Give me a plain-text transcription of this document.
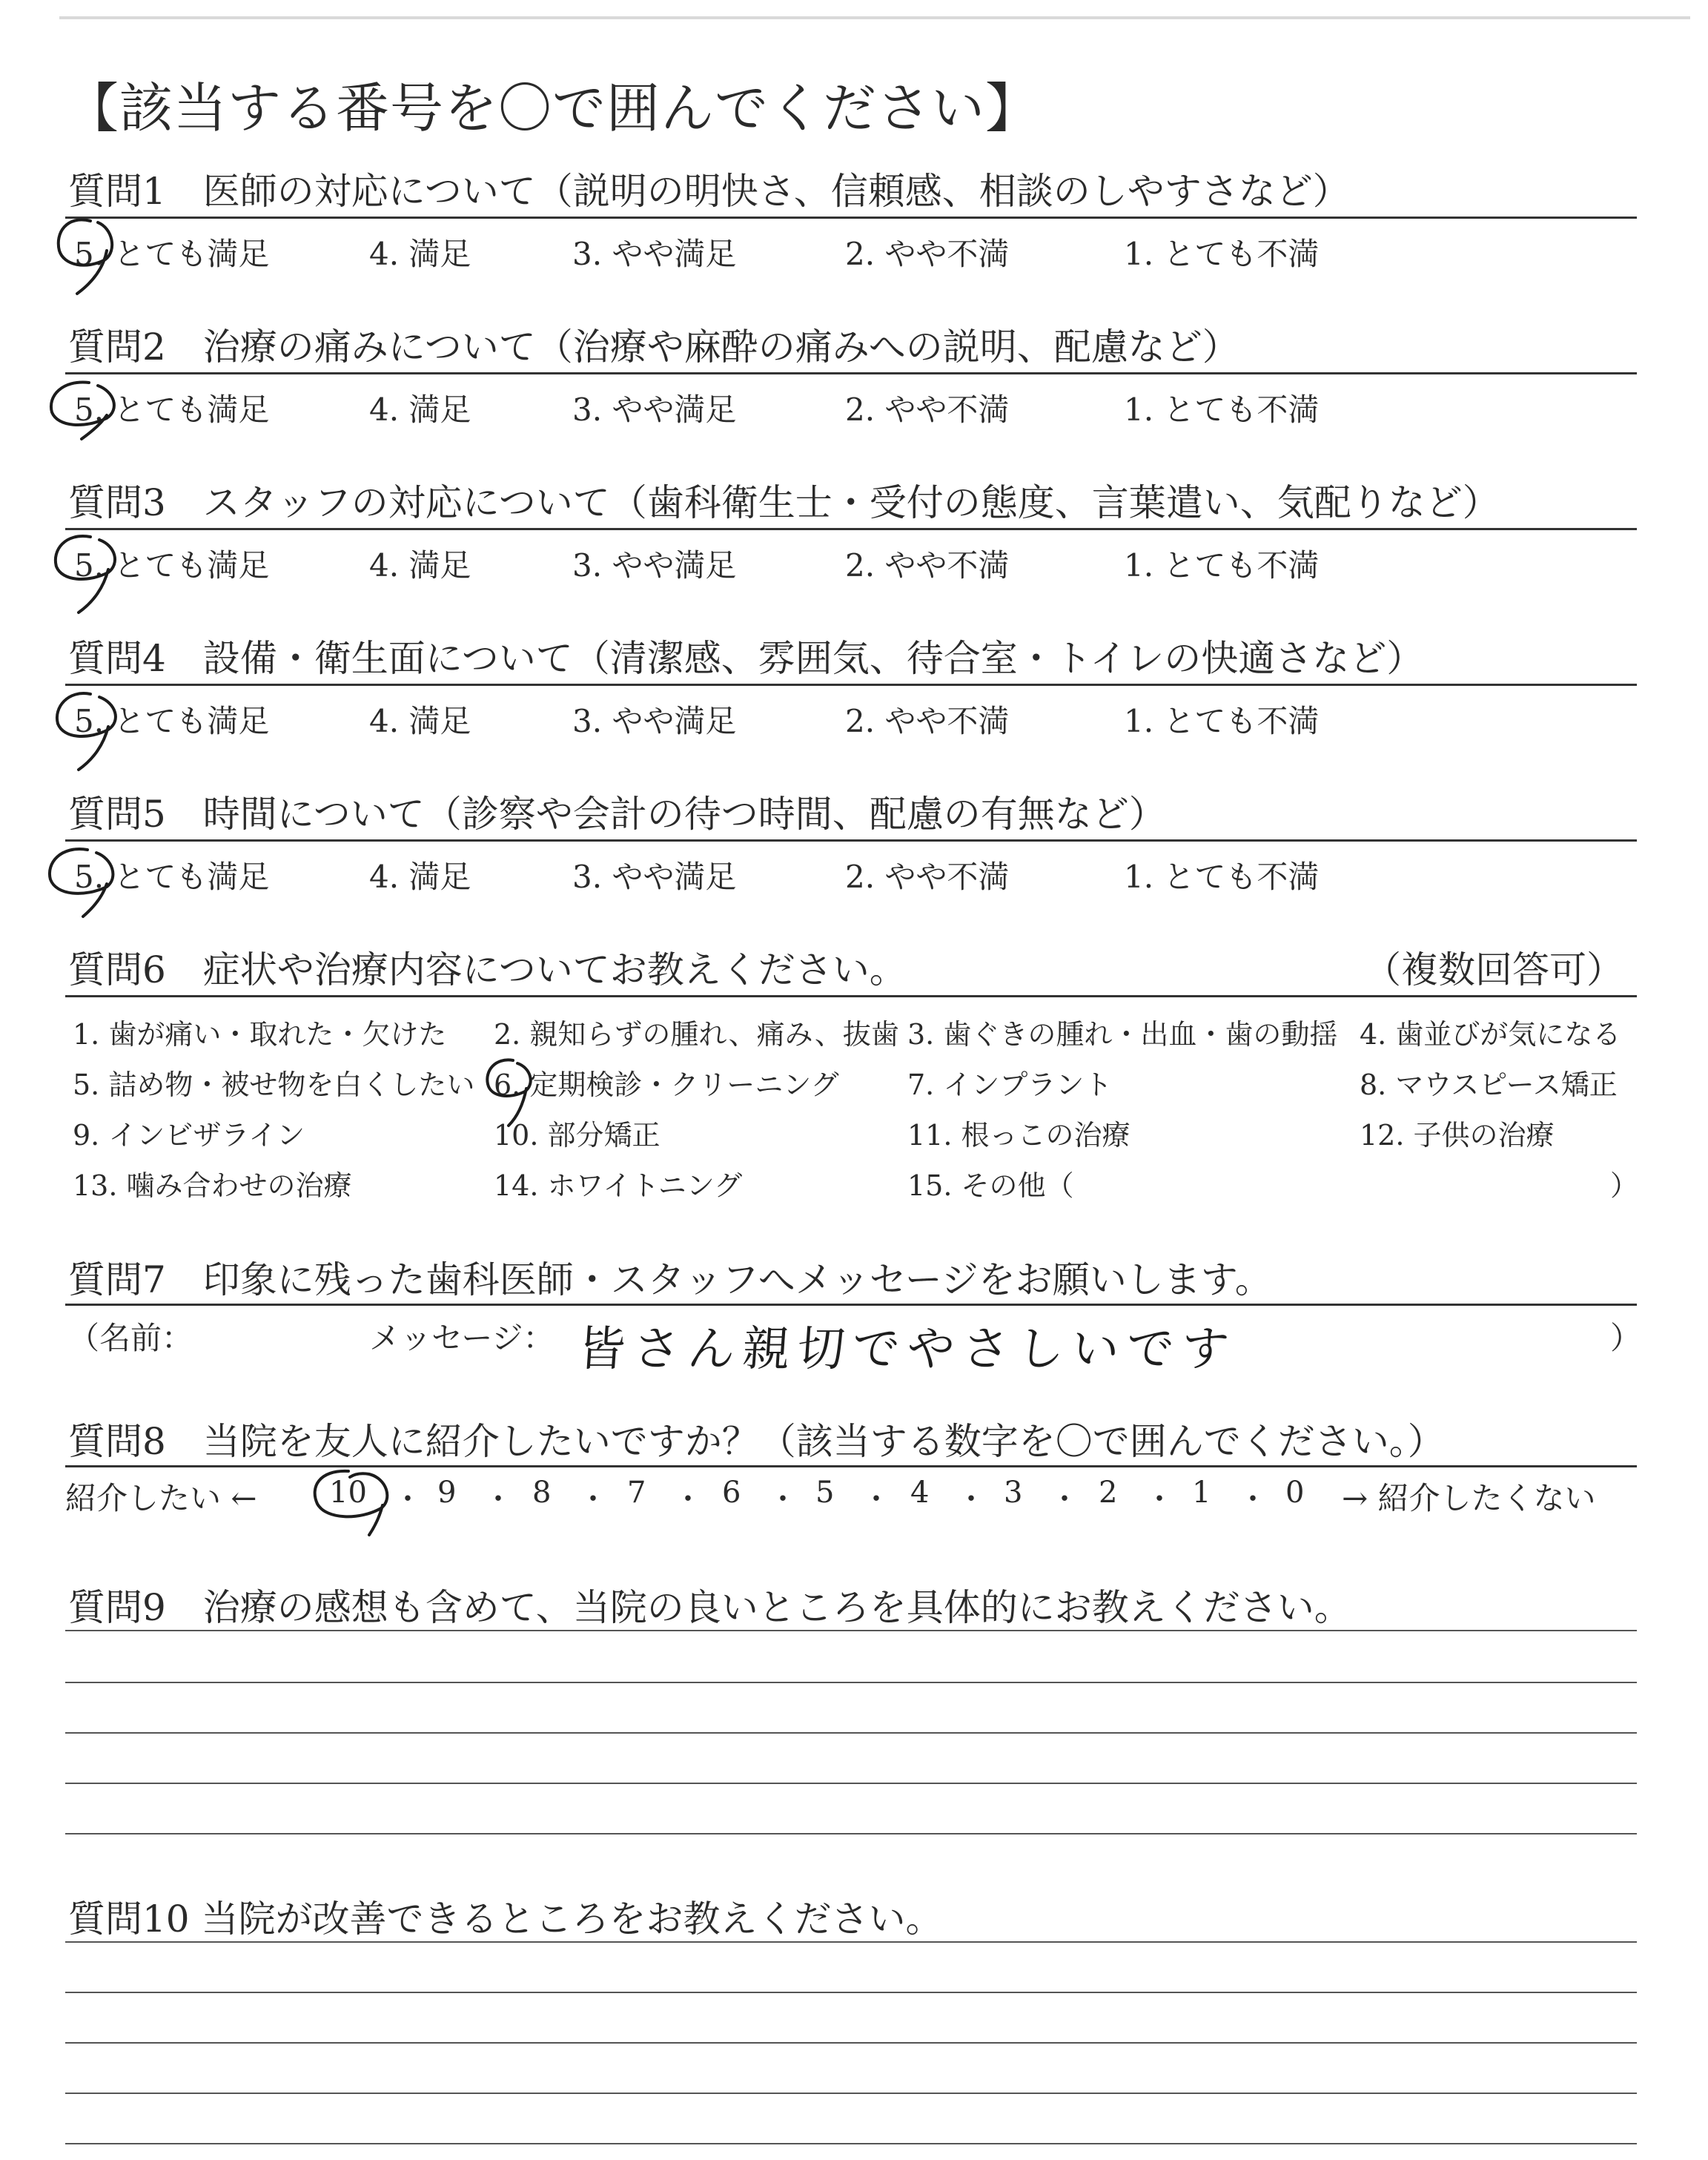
【該当する番号を〇で囲んでください】
質問1　医師の対応について（説明の明快さ、信頼感、相談のしやすさなど）
5. とても満足	4. 満足	3. やや満足	2. やや不満	1. とても不満
質問2　治療の痛みについて（治療や麻酔の痛みへの説明、配慮など）
5. とても満足	4. 満足	3. やや満足	2. やや不満	1. とても不満
質問3　スタッフの対応について（歯科衛生士・受付の態度、言葉遣い、気配りなど）
5. とても満足	4. 満足	3. やや満足	2. やや不満	1. とても不満
質問4　設備・衛生面について（清潔感、雰囲気、待合室・トイレの快適さなど）
5. とても満足	4. 満足	3. やや満足	2. やや不満	1. とても不満
質問5　時間について（診察や会計の待つ時間、配慮の有無など）
5. とても満足	4. 満足	3. やや満足	2. やや不満	1. とても不満
質問6　症状や治療内容についてお教えください。	（複数回答可）
1. 歯が痛い・取れた・欠けた 2. 親知らずの腫れ、痛み、抜歯 3. 歯ぐきの腫れ・出血・歯の動揺 4. 歯並びが気になる
5. 詰め物・被せ物を白くしたい 6. 定期検診・クリーニング 7. インプラント	8. マウスピース矯正
9. インビザライン	10. 部分矯正	11. 根っこの治療	12. 子供の治療
13. 噛み合わせの治療	14. ホワイトニング	15. その他（	）
質問7　印象に残った歯科医師・スタッフへメッセージをお願いします。
（名前：	メッセージ： 皆さん親切でやさしいです	）
質問8　当院を友人に紹介したいですか？（該当する数字を〇で囲んでください。）
紹介したい ← 10 ・ 9 ・ 8 ・ 7 ・ 6 ・ 5 ・ 4 ・ 3 ・ 2 ・ 1 ・ 0 → 紹介したくない
質問9　治療の感想も含めて、当院の良いところを具体的にお教えください。
質問10 当院が改善できるところをお教えください。
